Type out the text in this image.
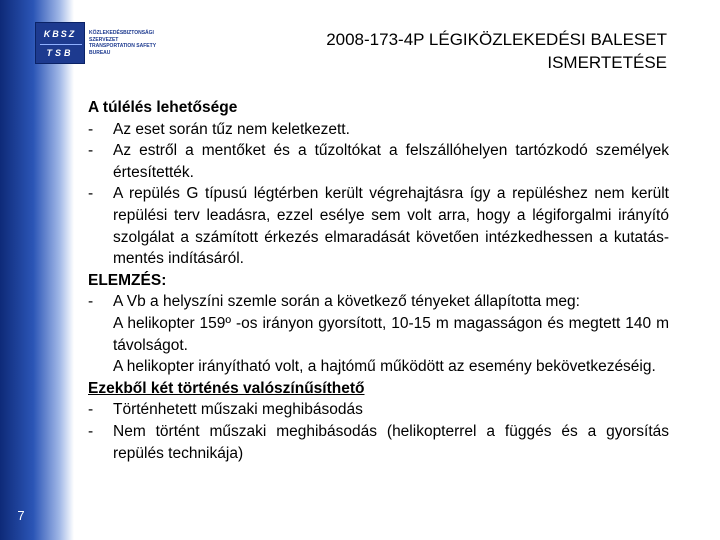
7
KBSZ
TSB
KÖZLEKEDÉSBIZTONSÁGI SZERVEZET TRANSPORTATION SAFETY BUREAU
2008-173-4P LÉGIKÖZLEKEDÉSI BALESET
ISMERTETÉSE
A túlélés lehetősége
-	Az eset során tűz nem keletkezett.
-	Az estről a mentőket és a tűzoltókat a felszállóhelyen tartózkodó személyek értesítették.
-	A repülés G típusú légtérben került végrehajtásra így a repüléshez nem került repülési terv leadásra, ezzel esélye sem volt arra, hogy a légiforgalmi irányító szolgálat a számított érkezés elmaradását követően intézkedhessen a kutatás- mentés indításáról.
ELEMZÉS:
-	A Vb a helyszíni szemle során a következő tényeket állapította meg:
A helikopter 159º -os irányon gyorsított, 10-15 m magasságon és megtett 140 m távolságot.
A helikopter irányítható volt, a hajtómű működött az esemény bekövetkezéséig.
Ezekből két történés valószínűsíthető
-	Történhetett műszaki meghibásodás
-	Nem történt műszaki meghibásodás (helikopterrel a függés és a gyorsítás repülés technikája)
